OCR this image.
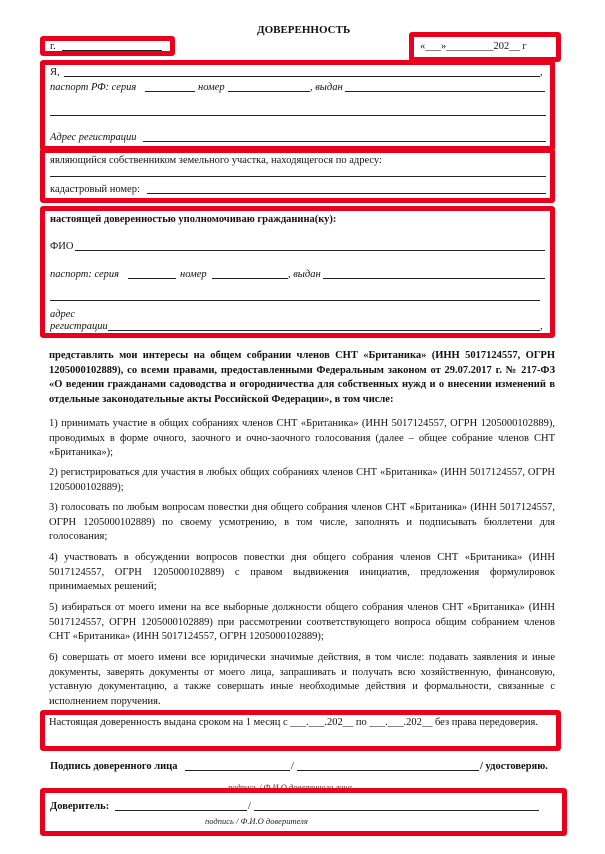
ДОВЕРЕННОСТЬ
г.	«___»_________202__ г
Я,	,
паспорт РФ: серия	номер	, выдан
Адрес регистрации
являющийся собственником земельного участка, находящегося по адресу:
кадастровый номер:
настоящей доверенностью уполномочиваю гражданина(ку):
ФИО
паспорт: серия	номер	, выдан
адрес
регистрации	,
представлять мои интересы на общем собрании членов СНТ «Британика» (ИНН 5017124557, ОГРН 1205000102889), со всеми правами, предоставленными Федеральным законом от 29.07.2017 г. № 217-ФЗ «О ведении гражданами садоводства и огородничества для собственных нужд и о внесении изменений в отдельные законодательные акты Российской Федерации», в том числе:
1) принимать участие в общих собраниях членов СНТ «Британика» (ИНН 5017124557, ОГРН 1205000102889), проводимых в форме очного, заочного и очно-заочного голосования (далее – общее собрание членов СНТ «Британика»);
2) регистрироваться для участия в любых общих собраниях членов СНТ «Британика» (ИНН 5017124557, ОГРН 1205000102889);
3) голосовать по любым вопросам повестки дня общего собрания членов СНТ «Британика» (ИНН 5017124557, ОГРН 1205000102889) по своему усмотрению, в том числе, заполнять и подписывать бюллетени для голосования;
4) участвовать в обсуждении вопросов повестки дня общего собрания членов СНТ «Британика» (ИНН 5017124557, ОГРН 1205000102889) с правом выдвижения инициатив, предложения формулировок принимаемых решений;
5) избираться от моего имени на все выборные должности общего собрания членов СНТ «Британика» (ИНН 5017124557, ОГРН 1205000102889) при рассмотрении соответствующего вопроса общим собранием членов СНТ «Британика» (ИНН 5017124557, ОГРН 1205000102889);
6) совершать от моего имени все юридически значимые действия, в том числе: подавать заявления и иные документы, заверять документы от моего лица, запрашивать и получать всю хозяйственную, финансовую, уставную документацию, а также совершать иные необходимые действия и формальности, связанные с исполнением поручения.
Настоящая доверенность выдана сроком на 1 месяц с ___.___.202__ по ___.___.202__ без права передоверия.
Подпись доверенного лица	/	/ удостоверяю.
подпись / Ф.И.О доверенного лица
Доверитель:	/
подпись / Ф.И.О доверителя
